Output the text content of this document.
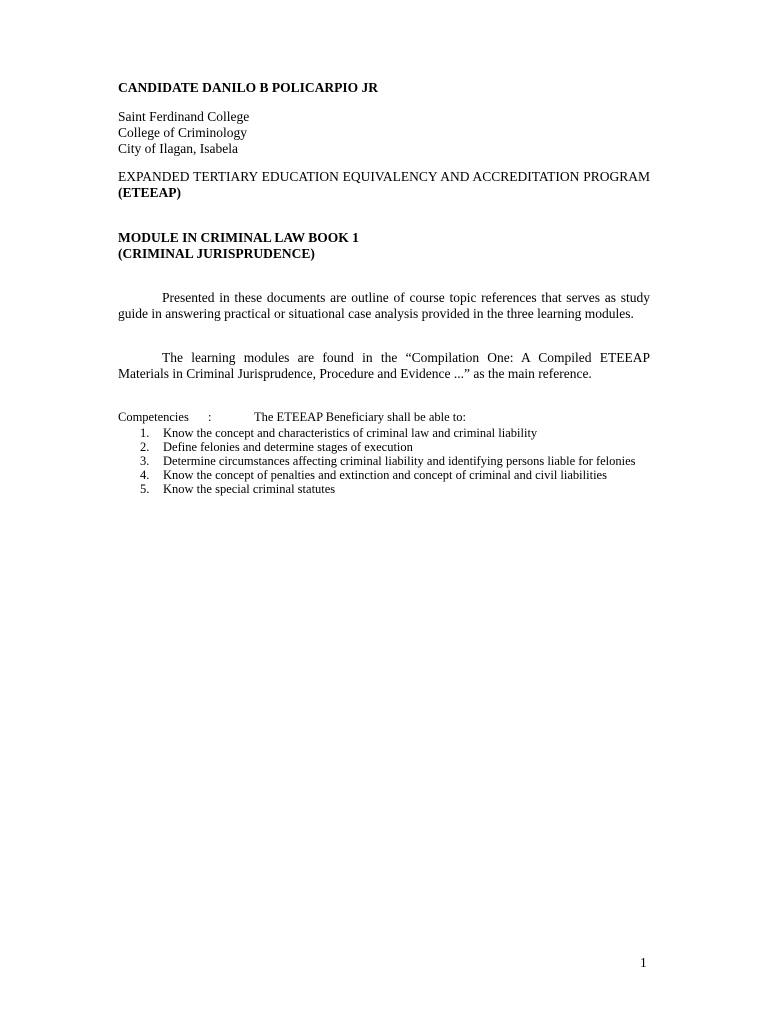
CANDIDATE DANILO B POLICARPIO JR

Saint Ferdinand College
College of Criminology
City of Ilagan, Isabela

EXPANDED TERTIARY EDUCATION EQUIVALENCY AND ACCREDITATION PROGRAM (ETEEAP)

MODULE IN CRIMINAL LAW BOOK 1
(CRIMINAL JURISPRUDENCE)

Presented in these documents are outline of course topic references that serves as study guide in answering practical or situational case analysis provided in the three learning modules.

The learning modules are found in the “Compilation One: A Compiled ETEEAP Materials in Criminal Jurisprudence, Procedure and Evidence ...” as the main reference.

Competencies :	The ETEEAP Beneficiary shall be able to:
1. Know the concept and characteristics of criminal law and criminal liability
2. Define felonies and determine stages of execution
3. Determine circumstances affecting criminal liability and identifying persons liable for felonies
4. Know the concept of penalties and extinction and concept of criminal and civil liabilities
5. Know the special criminal statutes
1
